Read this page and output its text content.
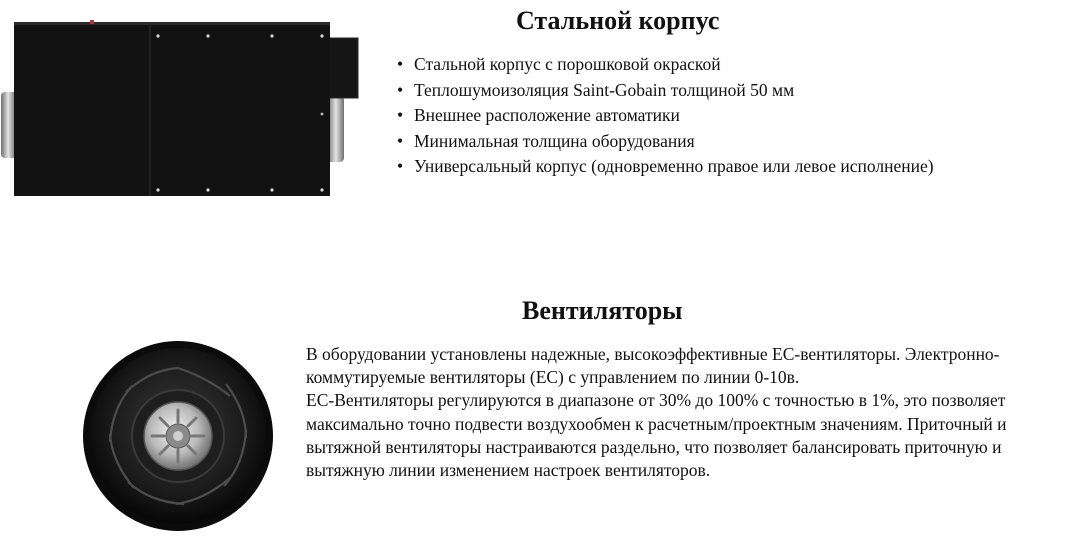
Стальной корпус
• Стальной корпус с порошковой окраской
• Теплошумоизоляция Saint-Gobain толщиной 50 мм
• Внешнее расположение автоматики
• Минимальная толщина оборудования
• Универсальный корпус (одновременно правое или левое исполнение)
Вентиляторы

В оборудовании установлены надежные, высокоэффективные EC-вентиляторы. Электронно-коммутируемые вентиляторы (ЕС) с управлением по линии 0-10в.

ЕС-Вентиляторы регулируются в диапазоне от 30% до 100% с точностью в 1%, это позволяет максимально точно подвести воздухообмен к расчетным/проектным значениям. Приточный и вытяжной вентиляторы настраиваются раздельно, что позволяет балансировать приточную и вытяжную линии изменением настроек вентиляторов.
